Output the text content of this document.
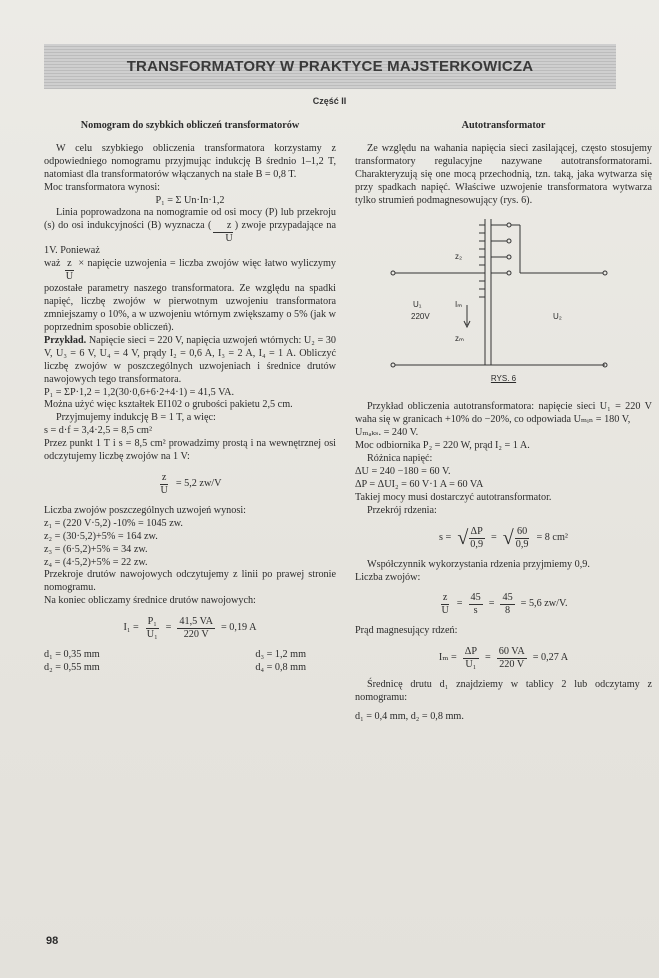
TRANSFORMATORY W PRAKTYCE MAJSTERKOWICZA
Część II
Nomogram do szybkich obliczeń transformatorów

W celu szybkiego obliczenia transformatora korzystamy z odpowiedniego nomogramu przyjmując indukcję B średnio 1–1,2 T, natomiast dla transformatorów włączanych na stałe B = 0,8 T.

Moc transformatora wynosi:

P₁ = Σ Un·In·1,2

Linia poprowadzona na nomogramie od osi mocy (P) lub przekroju (s) do osi indukcyjności (B) wyznacza ( $\frac{z}{U}$ ) zwoje przypadające na 1V. Ponieważ

waż $\frac{z}{U}$ × napięcie uzwojenia = liczba zwojów więc łatwo wyliczymy pozostałe parametry naszego transformatora. Ze względu na spadki napięć, liczbę zwojów w pierwotnym uzwojeniu transformatora zmniejszamy o 10%, a w uzwojeniu wtórnym zwiększamy o 5% (jak w poprzednim sposobie obliczeń).

Przykład. Napięcie sieci = 220 V, napięcia uzwojeń wtórnych: U₂ = 30 V, U₃ = 6 V, U₄ = 4 V, prądy I₂ = 0,6 A, I₃ = 2 A, I₄ = 1 A. Obliczyć liczbę zwojów w poszczególnych uzwojeniach i średnice drutów nawojowych tego transformatora.

P₁ = ΣP·1,2 = 1,2(30·0,6+6·2+4·1) = 41,5 VA.

Można użyć więc kształtek EI102 o grubości pakietu 2,5 cm.

Przyjmujemy indukcję B = 1 T, a więc:

s = d·f = 3,4·2,5 = 8,5 cm²

Przez punkt 1 T i s = 8,5 cm² prowadzimy prostą i na wewnętrznej osi odczytujemy liczbę zwojów na 1 V:

$\frac{z}{U} = 5,2$ zw/V

Liczba zwojów poszczególnych uzwojeń wynosi:

z₁ = (220 V·5,2) -10% = 1045 zw.

z₂ = (30·5,2)+5% = 164 zw.

z₃ = (6·5,2)+5% = 34 zw.

z₄ = (4·5,2)+5% = 22 zw.

Przekroje drutów nawojowych odczytujemy z linii po prawej stronie nomogramu.

Na koniec obliczamy średnice drutów nawojowych:

$I_1 = \frac{\text{P₁}}{\text{U₁}} = \frac{41,5 VA}{220 V} = 0,19$ A
d₁ = 0,35 mm	d₃ = 1,2 mm
d₂ = 0,55 mm	d₄ = 0,8 mm
Autotransformator

Ze względu na wahania napięcia sieci zasilającej, często stosujemy transformatory regulacyjne nazywane autotransformatorami. Charakteryzują się one mocą przechodnią, tzn. taką, jaka wytwarza się przy spadkach napięć. Właściwe uzwojenie transformatora wytwarza tylko strumień podmagnesowujący (rys. 6).

z₂
U₁
220V
Iₘ
zₘ
U₂
RYS. 6

Przykład obliczenia autotransformatora: napięcie sieci U₁ = 220 V waha się w granicach +10% do −20%, co odpowiada Uₘᵢₙ = 180 V,

Uₘₐₖₛ. = 240 V.

Moc odbiornika P₂ = 220 W, prąd I₂ = 1 A.

Różnica napięć:

ΔU = 240 −180 = 60 V.

ΔP = ΔUI₂ = 60 V·1 A = 60 VA

Takiej mocy musi dostarczyć autotransformator.

Przekrój rdzenia:

s = √ $\frac{\Delta P}{0,9}$ = √ $\frac{60}{0,9} = 8$ cm²

Współczynnik wykorzystania rdzenia przyjmiemy 0,9.

Liczba zwojów:

$\frac{z}{U} = \frac{45}{s} = \frac{45}{8} = 5,6$ zw/V.

Prąd magnesujący rdzeń:

$I_m = \frac{\Delta P}{\text{U₁}} = \frac{60 VA}{220 V} = 0,27$ A

Średnicę drutu d₁ znajdziemy w tablicy 2 lub odczytamy z nomogramu:

d₁ = 0,4 mm, d₂ = 0,8 mm.

98
